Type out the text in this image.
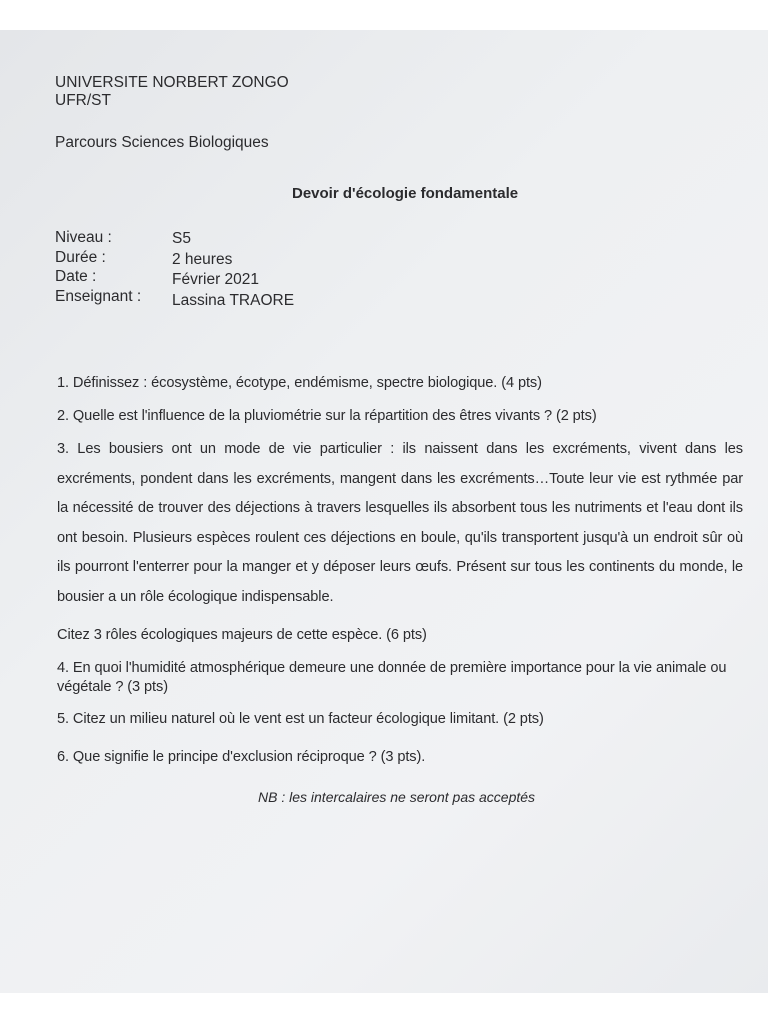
UNIVERSITE NORBERT ZONGO
UFR/ST
Parcours Sciences Biologiques
Devoir d'écologie fondamentale
Niveau :	S5
Durée :	2 heures
Date :	Février 2021
Enseignant : Lassina TRAORE
1. Définissez : écosystème, écotype, endémisme, spectre biologique. (4 pts)
2. Quelle est l'influence de la pluviométrie sur la répartition des êtres vivants ? (2 pts)
3. Les bousiers ont un mode de vie particulier : ils naissent dans les excréments, vivent dans les excréments, pondent dans les excréments, mangent dans les excréments…Toute leur vie est rythmée par la nécessité de trouver des déjections à travers lesquelles ils absorbent tous les nutriments et l'eau dont ils ont besoin. Plusieurs espèces roulent ces déjections en boule, qu'ils transportent jusqu'à un endroit sûr où ils pourront l'enterrer pour la manger et y déposer leurs œufs. Présent sur tous les continents du monde, le bousier a un rôle écologique indispensable.
Citez 3 rôles écologiques majeurs de cette espèce. (6 pts)
4. En quoi l'humidité atmosphérique demeure une donnée de première importance pour la vie animale ou végétale ? (3 pts)
5. Citez un milieu naturel où le vent est un facteur écologique limitant. (2 pts)
6. Que signifie le principe d'exclusion réciproque ? (3 pts).
NB : les intercalaires ne seront pas acceptés
